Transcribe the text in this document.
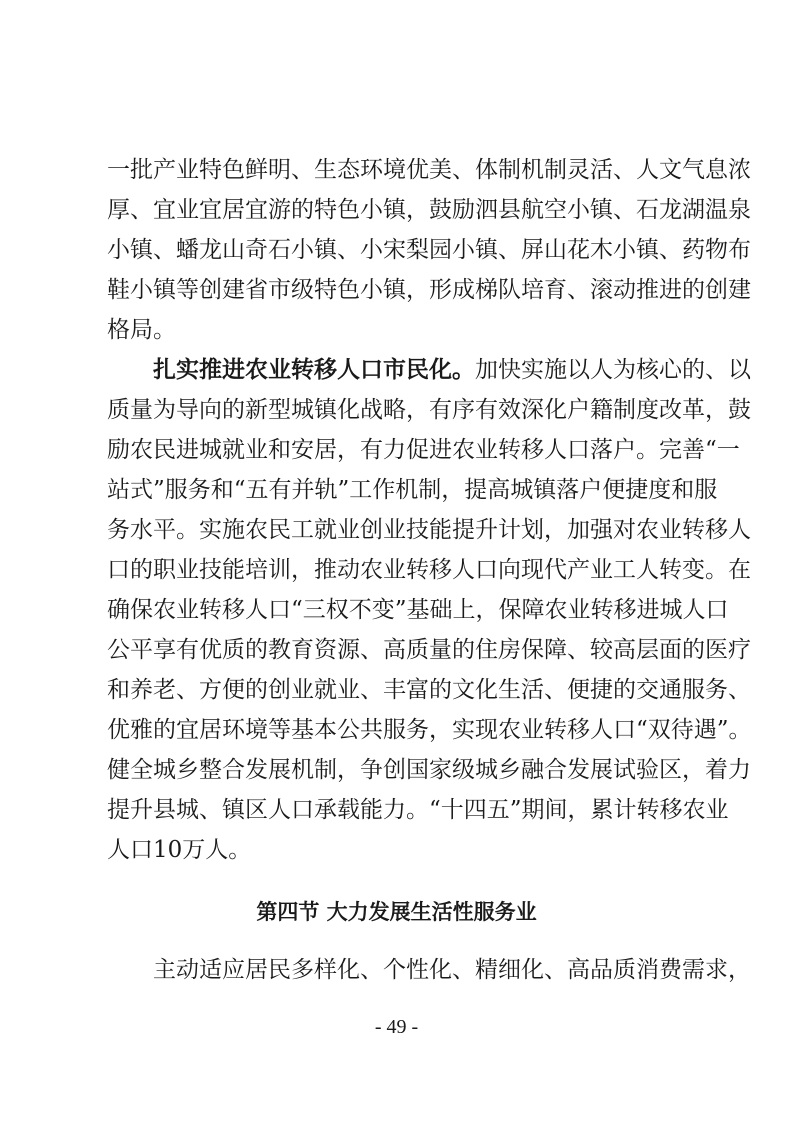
一批产业特色鲜明、生态环境优美、体制机制灵活、人文气息浓
厚、宜业宜居宜游的特色小镇，鼓励泗县航空小镇、石龙湖温泉
小镇、蟠龙山奇石小镇、小宋梨园小镇、屏山花木小镇、药物布
鞋小镇等创建省市级特色小镇，形成梯队培育、滚动推进的创建
格局。
扎实推进农业转移人口市民化。加快实施以人为核心的、以
质量为导向的新型城镇化战略，有序有效深化户籍制度改革，鼓
励农民进城就业和安居，有力促进农业转移人口落户。完善“一
站式”服务和“五有并轨”工作机制，提高城镇落户便捷度和服
务水平。实施农民工就业创业技能提升计划，加强对农业转移人
口的职业技能培训，推动农业转移人口向现代产业工人转变。在
确保农业转移人口“三权不变”基础上，保障农业转移进城人口
公平享有优质的教育资源、高质量的住房保障、较高层面的医疗
和养老、方便的创业就业、丰富的文化生活、便捷的交通服务、
优雅的宜居环境等基本公共服务，实现农业转移人口“双待遇”。
健全城乡整合发展机制，争创国家级城乡融合发展试验区，着力
提升县城、镇区人口承载能力。“十四五”期间，累计转移农业
人口10万人。
第四节 大力发展生活性服务业
主动适应居民多样化、个性化、精细化、高品质消费需求，
- 49 -
